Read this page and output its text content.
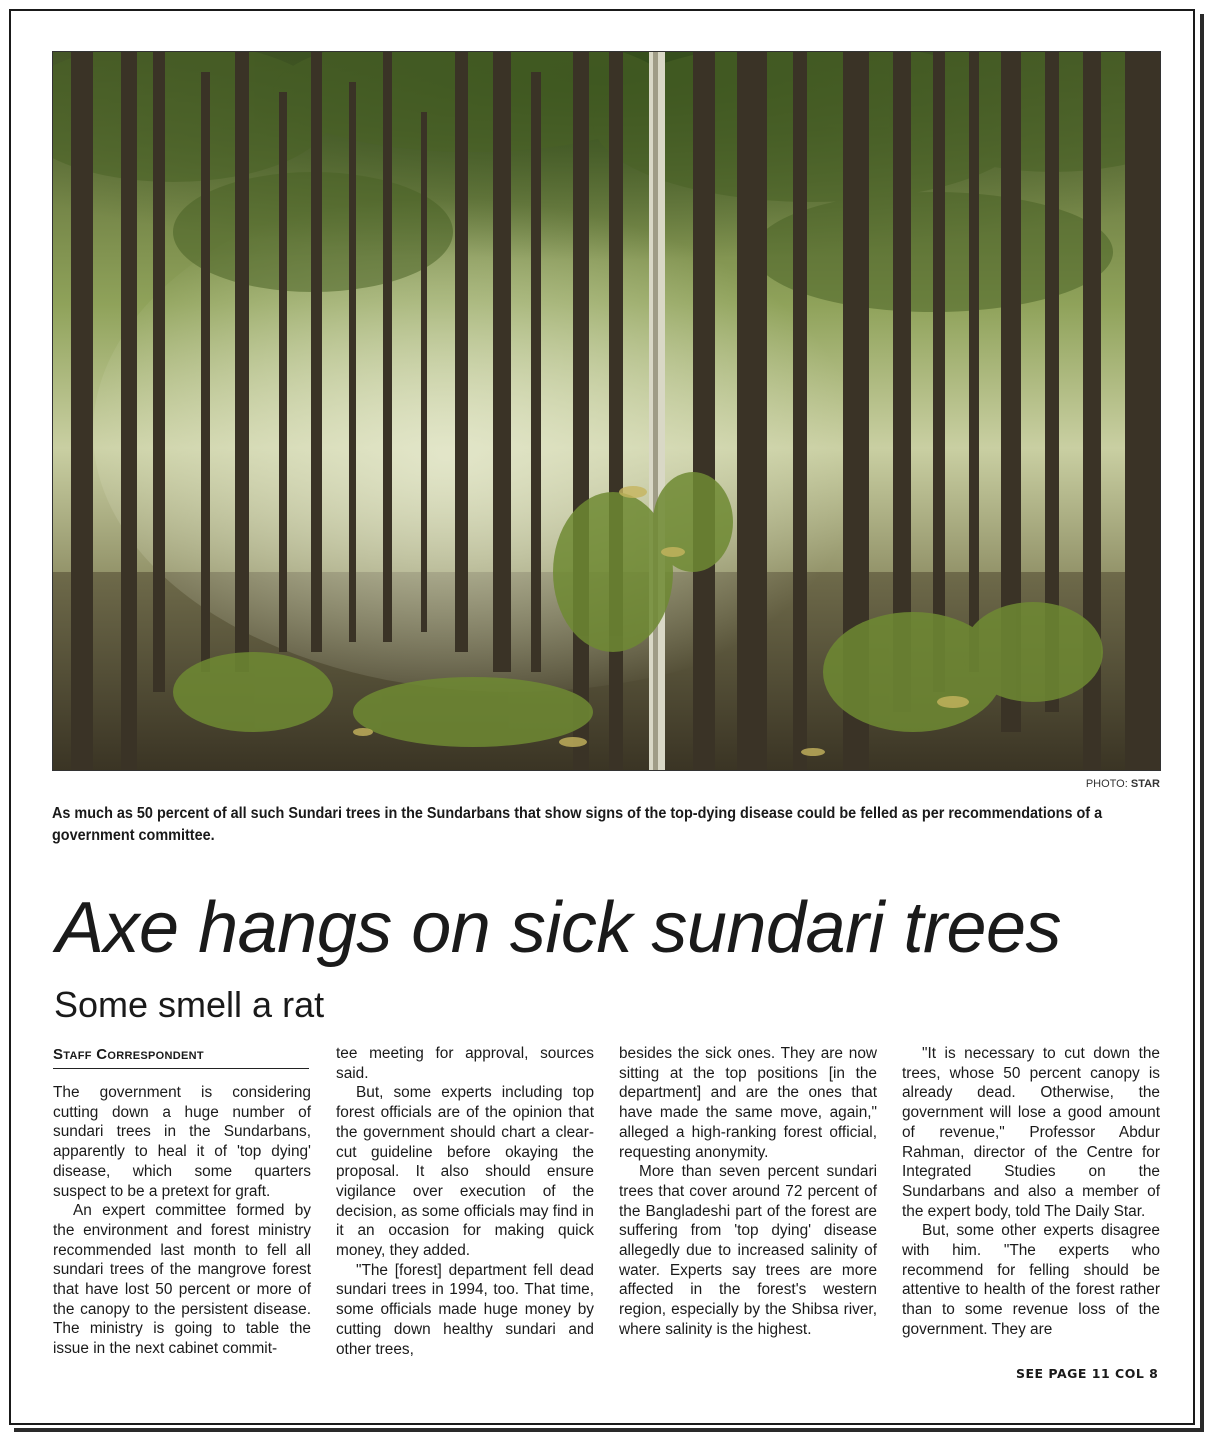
PHOTO: STAR
As much as 50 percent of all such Sundari trees in the Sundarbans that show signs of the top-dying disease could be felled as per recommendations of a government committee.
Axe hangs on sick sundari trees
Some smell a rat
Staff Correspondent

The government is considering cutting down a huge number of sundari trees in the Sundarbans, apparently to heal it of 'top dying' disease, which some quarters suspect to be a pretext for graft.

An expert committee formed by the environment and forest ministry recommended last month to fell all sundari trees of the mangrove forest that have lost 50 percent or more of the canopy to the persistent disease. The ministry is going to table the issue in the next cabinet commit-

tee meeting for approval, sources said.

But, some experts including top forest officials are of the opinion that the government should chart a clear-cut guideline before okaying the proposal. It also should ensure vigilance over execution of the decision, as some officials may find in it an occasion for making quick money, they added.

"The [forest] department fell dead sundari trees in 1994, too. That time, some officials made huge money by cutting down healthy sundari and other trees,

besides the sick ones. They are now sitting at the top positions [in the department] and are the ones that have made the same move, again," alleged a high-ranking forest official, requesting anonymity.

More than seven percent sundari trees that cover around 72 percent of the Bangladeshi part of the forest are suffering from 'top dying' disease allegedly due to increased salinity of water. Experts say trees are more affected in the forest's western region, especially by the Shibsa river, where salinity is the highest.

"It is necessary to cut down the trees, whose 50 percent canopy is already dead. Otherwise, the government will lose a good amount of revenue," Professor Abdur Rahman, director of the Centre for Integrated Studies on the Sundarbans and also a member of the expert body, told The Daily Star.

But, some other experts disagree with him. "The experts who recommend for felling should be attentive to health of the forest rather than to some revenue loss of the government. They are

SEE PAGE 11 COL 8
